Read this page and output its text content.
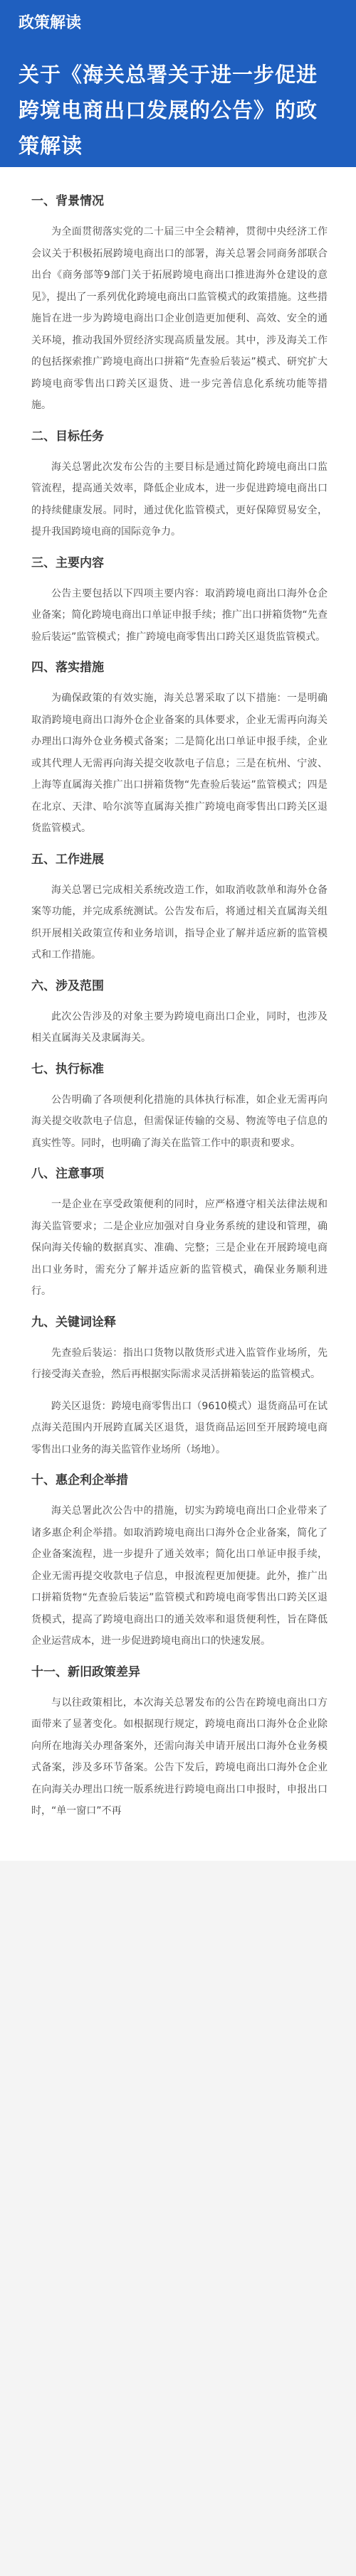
政策解读
关于《海关总署关于进一步促进跨境电商出口发展的公告》的政策解读
一、背景情况

为全面贯彻落实党的二十届三中全会精神，贯彻中央经济工作会议关于积极拓展跨境电商出口的部署，海关总署会同商务部联合出台《商务部等9部门关于拓展跨境电商出口推进海外仓建设的意见》，提出了一系列优化跨境电商出口监管模式的政策措施。这些措施旨在进一步为跨境电商出口企业创造更加便利、高效、安全的通关环境，推动我国外贸经济实现高质量发展。其中，涉及海关工作的包括探索推广跨境电商出口拼箱“先查验后装运”模式、研究扩大跨境电商零售出口跨关区退货、进一步完善信息化系统功能等措施。

二、目标任务

海关总署此次发布公告的主要目标是通过简化跨境电商出口监管流程，提高通关效率，降低企业成本，进一步促进跨境电商出口的持续健康发展。同时，通过优化监管模式，更好保障贸易安全，提升我国跨境电商的国际竞争力。

三、主要内容

公告主要包括以下四项主要内容：取消跨境电商出口海外仓企业备案；简化跨境电商出口单证申报手续；推广出口拼箱货物“先查验后装运”监管模式；推广跨境电商零售出口跨关区退货监管模式。

四、落实措施

为确保政策的有效实施，海关总署采取了以下措施：一是明确取消跨境电商出口海外仓企业备案的具体要求，企业无需再向海关办理出口海外仓业务模式备案；二是简化出口单证申报手续，企业或其代理人无需再向海关提交收款电子信息；三是在杭州、宁波、上海等直属海关推广出口拼箱货物“先查验后装运”监管模式；四是在北京、天津、哈尔滨等直属海关推广跨境电商零售出口跨关区退货监管模式。

五、工作进展

海关总署已完成相关系统改造工作，如取消收款单和海外仓备案等功能，并完成系统测试。公告发布后，将通过相关直属海关组织开展相关政策宣传和业务培训，指导企业了解并适应新的监管模式和工作措施。

六、涉及范围

此次公告涉及的对象主要为跨境电商出口企业，同时，也涉及相关直属海关及隶属海关。

七、执行标准

公告明确了各项便利化措施的具体执行标准，如企业无需再向海关提交收款电子信息，但需保证传输的交易、物流等电子信息的真实性等。同时，也明确了海关在监管工作中的职责和要求。

八、注意事项

一是企业在享受政策便利的同时，应严格遵守相关法律法规和海关监管要求；二是企业应加强对自身业务系统的建设和管理，确保向海关传输的数据真实、准确、完整；三是企业在开展跨境电商出口业务时，需充分了解并适应新的监管模式，确保业务顺利进行。

九、关键词诠释

先查验后装运：指出口货物以散货形式进入监管作业场所，先行接受海关查验，然后再根据实际需求灵活拼箱装运的监管模式。

跨关区退货：跨境电商零售出口（9610模式）退货商品可在试点海关范围内开展跨直属关区退货，退货商品运回至开展跨境电商零售出口业务的海关监管作业场所（场地）。

十、惠企利企举措

海关总署此次公告中的措施，切实为跨境电商出口企业带来了诸多惠企利企举措。如取消跨境电商出口海外仓企业备案，简化了企业备案流程，进一步提升了通关效率；简化出口单证申报手续，企业无需再提交收款电子信息，申报流程更加便捷。此外，推广出口拼箱货物“先查验后装运”监管模式和跨境电商零售出口跨关区退货模式，提高了跨境电商出口的通关效率和退货便利性，旨在降低企业运营成本，进一步促进跨境电商出口的快速发展。

十一、新旧政策差异

与以往政策相比，本次海关总署发布的公告在跨境电商出口方面带来了显著变化。如根据现行规定，跨境电商出口海外仓企业除向所在地海关办理备案外，还需向海关申请开展出口海外仓业务模式备案，涉及多环节备案。公告下发后，跨境电商出口海外仓企业在向海关办理出口统一版系统进行跨境电商出口申报时，申报出口时，“单一窗口”不再
